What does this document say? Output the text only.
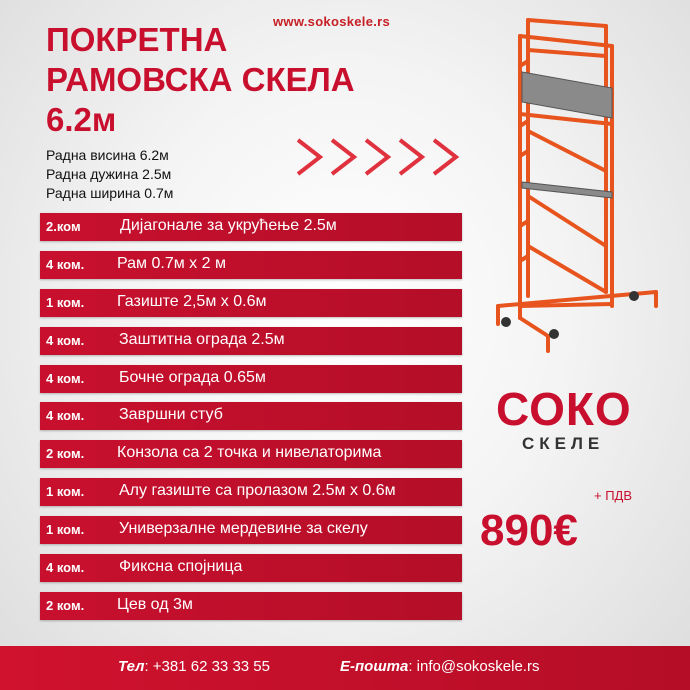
www.sokoskele.rs
ПОКРЕТНА
РАМОВСКА СКЕЛА
6.2м
Радна висина 6.2м
Радна дужина 2.5м
Радна ширина 0.7м
2.ком Дијагонале за укрућење 2.5м
4 ком. Рам 0.7м х 2 м
1 ком. Газиште 2,5м х 0.6м
4 ком. Заштитна ограда 2.5м
4 ком. Бочне ограда 0.65м
4 ком. Завршни стуб
2 ком. Конзола са 2 точка и нивелаторима
1 ком. Алу газиште са пролазом 2.5м х 0.6м
1 ком. Универзалне мердевине за скелу
4 ком. Фиксна спојница
2 ком. Цев од 3м
СОКО
СКЕЛЕ
+ ПДВ
890€
Тел: +381 62 33 33 55	Е-пошта: info@sokoskele.rs
